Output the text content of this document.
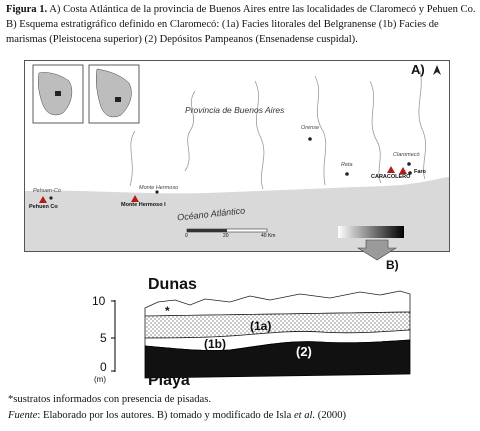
Figura 1. A) Costa Atlántica de la provincia de Buenos Aires entre las localidades de Claromecó y Pehuen Co. B) Esquema estratigráfico definido en Claromecó: (1a) Facies litorales del Belgranense (1b) Facies de marismas (Pleistocena superior) (2) Depósitos Pampeanos (Ensenadense cuspidal).
A)
Provincia de Buenos Aires
Océano Atlántico
Orense
Reta
Claromecó
CARACOLERO
Faro
Monte Hermoso
Monte Hermoso I
Pehuen-Co
Pehuen Co
0	20	40 Km
B)
Dunas
Playa
10
5
0
(m)
*
(1a)
(1b)	(2)
*sustratos informados con presencia de pisadas.
Fuente: Elaborado por los autores. B) tomado y modificado de Isla et al. (2000)
